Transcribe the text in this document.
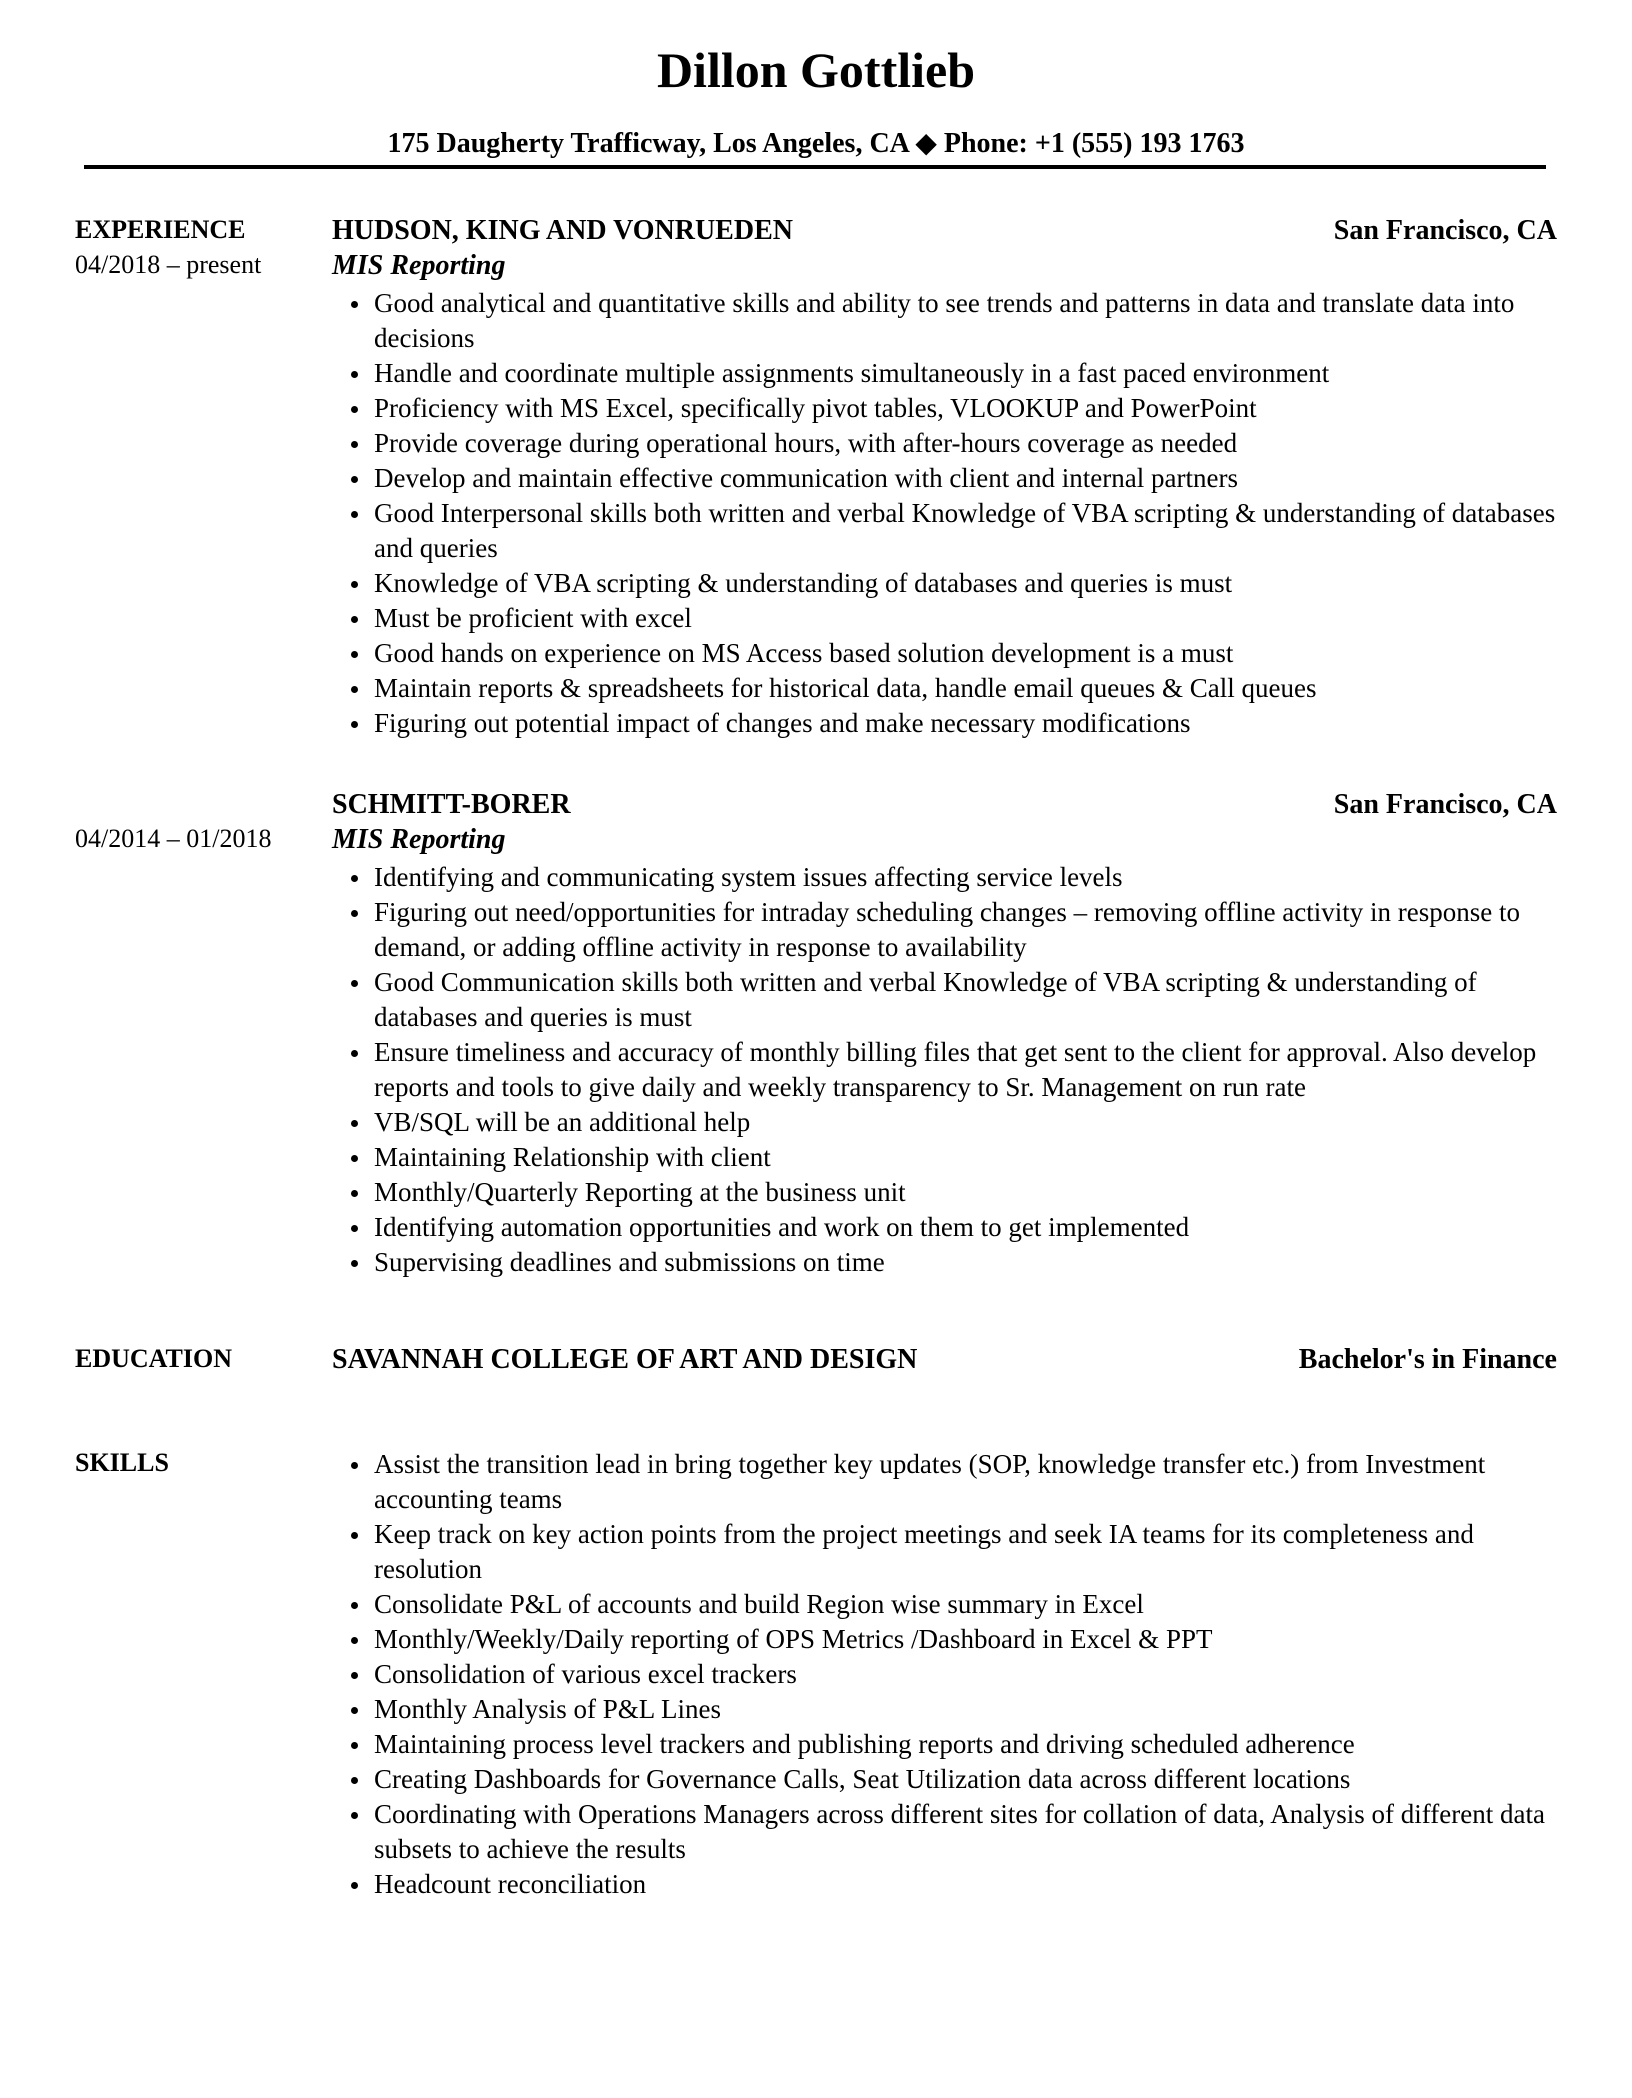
Dillon Gottlieb
175 Daugherty Trafficway, Los Angeles, CA ◆ Phone: +1 (555) 193 1763
EXPERIENCE
04/2018 – present
HUDSON, KING AND VONRUEDEN	San Francisco, CA
MIS Reporting
Good analytical and quantitative skills and ability to see trends and patterns in data and translate data into decisions
Handle and coordinate multiple assignments simultaneously in a fast paced environment
Proficiency with MS Excel, specifically pivot tables, VLOOKUP and PowerPoint
Provide coverage during operational hours, with after-hours coverage as needed
Develop and maintain effective communication with client and internal partners
Good Interpersonal skills both written and verbal Knowledge of VBA scripting & understanding of databases and queries
Knowledge of VBA scripting & understanding of databases and queries is must
Must be proficient with excel
Good hands on experience on MS Access based solution development is a must
Maintain reports & spreadsheets for historical data, handle email queues & Call queues
Figuring out potential impact of changes and make necessary modifications
04/2014 – 01/2018
SCHMITT-BORER	San Francisco, CA
MIS Reporting
Identifying and communicating system issues affecting service levels
Figuring out need/opportunities for intraday scheduling changes – removing offline activity in response to demand, or adding offline activity in response to availability
Good Communication skills both written and verbal Knowledge of VBA scripting & understanding of databases and queries is must
Ensure timeliness and accuracy of monthly billing files that get sent to the client for approval. Also develop reports and tools to give daily and weekly transparency to Sr. Management on run rate
VB/SQL will be an additional help
Maintaining Relationship with client
Monthly/Quarterly Reporting at the business unit
Identifying automation opportunities and work on them to get implemented
Supervising deadlines and submissions on time
EDUCATION	SAVANNAH COLLEGE OF ART AND DESIGN	Bachelor's in Finance
SKILLS	Assist the transition lead in bring together key updates (SOP, knowledge transfer etc.) from Investment accounting teams
Keep track on key action points from the project meetings and seek IA teams for its completeness and resolution
Consolidate P&L of accounts and build Region wise summary in Excel
Monthly/Weekly/Daily reporting of OPS Metrics /Dashboard in Excel & PPT
Consolidation of various excel trackers
Monthly Analysis of P&L Lines
Maintaining process level trackers and publishing reports and driving scheduled adherence
Creating Dashboards for Governance Calls, Seat Utilization data across different locations
Coordinating with Operations Managers across different sites for collation of data, Analysis of different data subsets to achieve the results
Headcount reconciliation
